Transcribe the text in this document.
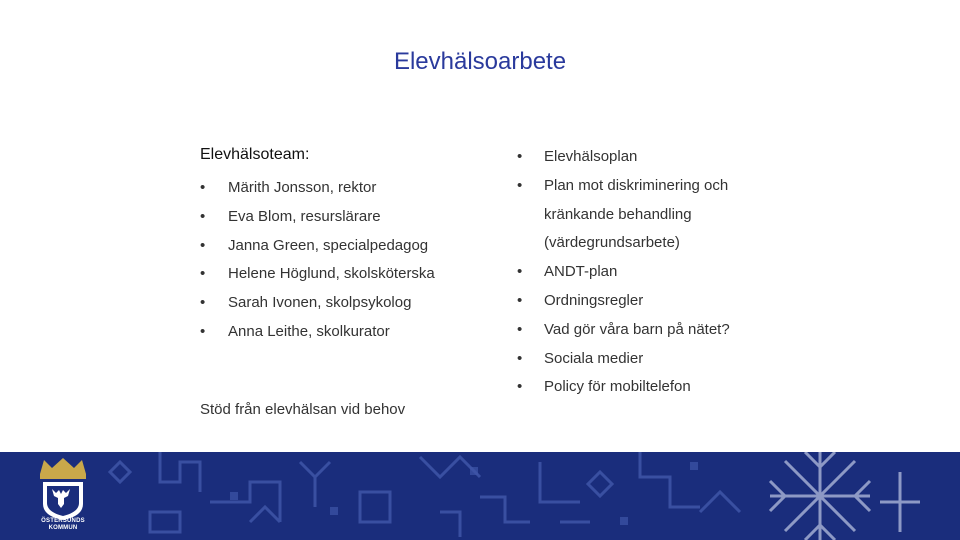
Elevhälsoarbete
Elevhälsoteam:
• Märith Jonsson, rektor
• Eva Blom, resurslärare
• Janna Green, specialpedagog
• Helene Höglund, skolsköterska
• Sarah Ivonen, skolpsykolog
• Anna Leithe, skolkurator
• Elevhälsoplan
• Plan mot diskriminering och kränkande behandling (värdegrundsarbete)
• ANDT-plan
• Ordningsregler
• Vad gör våra barn på nätet?
• Sociala medier
• Policy för mobiltelefon
Stöd från elevhälsan vid behov
ÖSTERSUNDS
KOMMUN
